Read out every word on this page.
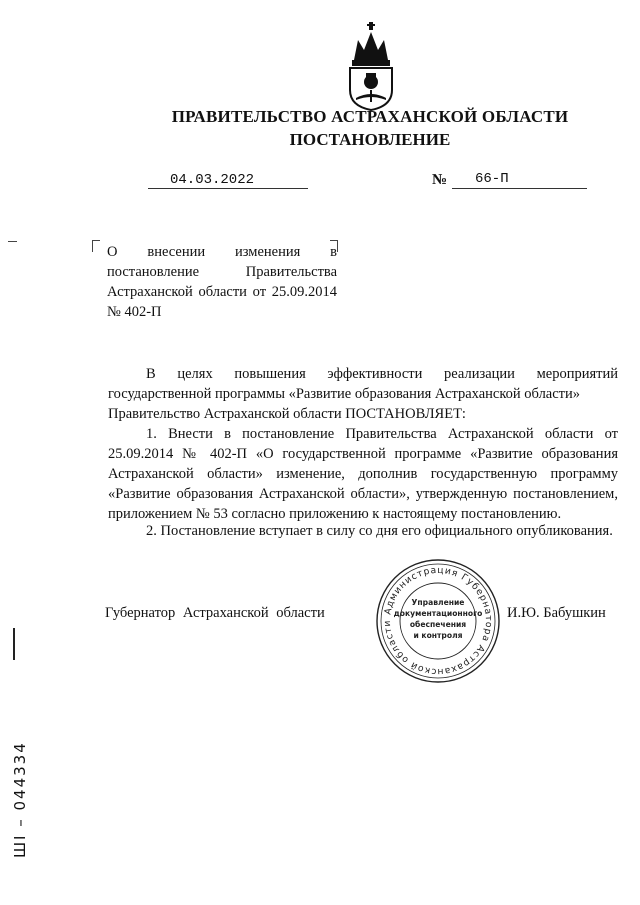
ПРАВИТЕЛЬСТВО АСТРАХАНСКОЙ ОБЛАСТИ
ПОСТАНОВЛЕНИЕ
04.03.2022	№ 66-П
О внесении изменения в постановление Правительства Астраханской области от 25.09.2014 № 402-П
В целях повышения эффективности реализации мероприятий государственной программы «Развитие образования Астраханской области»
Правительство Астраханской области ПОСТАНОВЛЯЕТ:
1. Внести в постановление Правительства Астраханской области от 25.09.2014 № 402-П «О государственной программе «Развитие образования Астраханской области» изменение, дополнив государственную программу «Развитие образования Астраханской области», утвержденную постановлением, приложением № 53 согласно приложению к настоящему постановлению.
2. Постановление вступает в силу со дня его официального опубликования.
Губернатор Астраханской области	И.Ю. Бабушкин
Администрация Губернатора Астраханской области
Управление
документационного
обеспечения
и контроля
ШI – 044334
